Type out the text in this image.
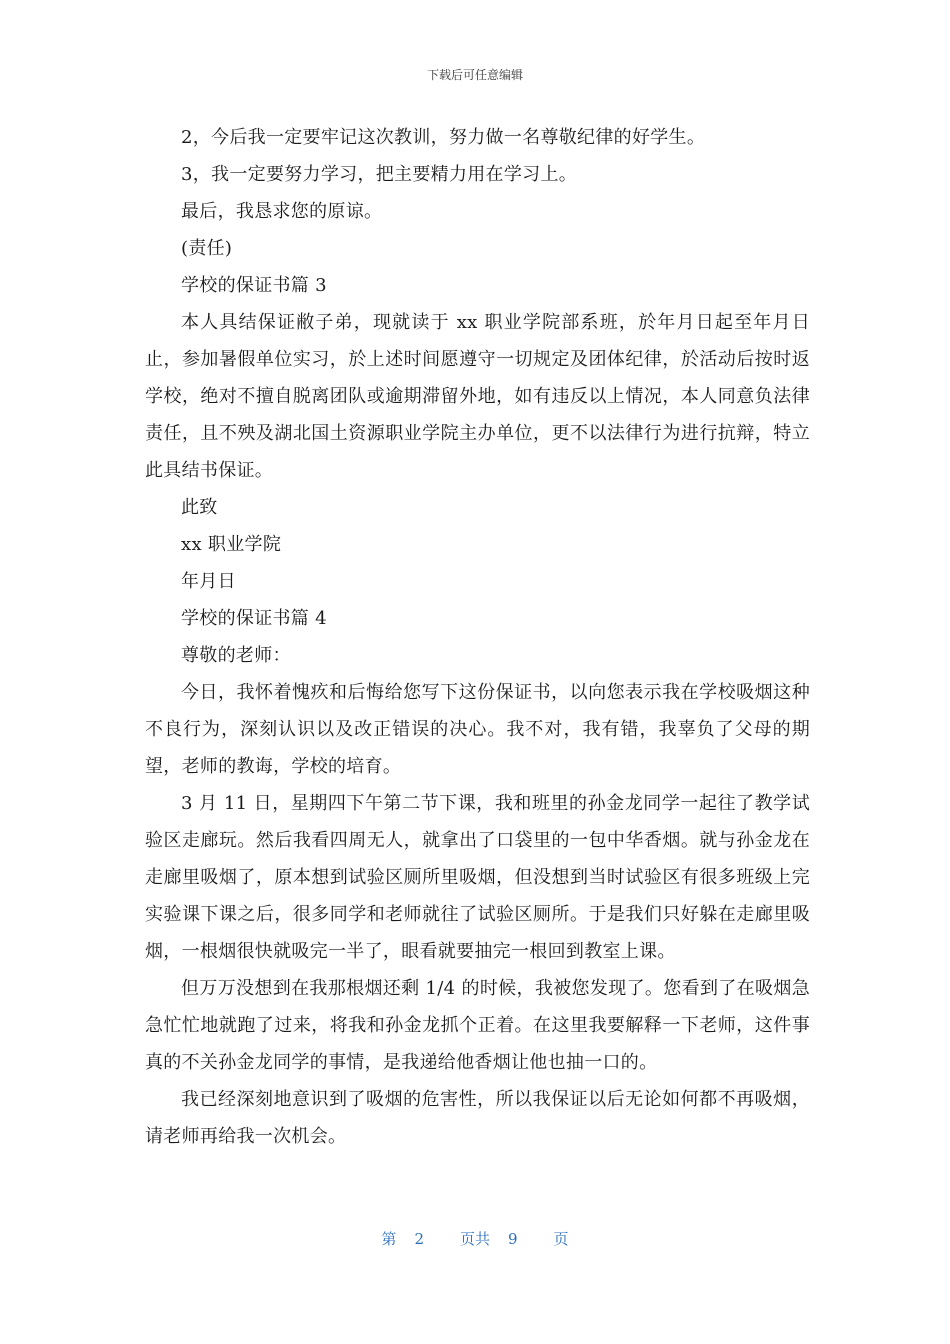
下载后可任意编辑

2，今后我一定要牢记这次教训，努力做一名尊敬纪律的好学生。

3，我一定要努力学习，把主要精力用在学习上。

最后，我恳求您的原谅。

(责任)

学校的保证书篇 3

本人具结保证敝子弟，现就读于 xx 职业学院部系班，於年月日起至年月日止，参加暑假单位实习，於上述时间愿遵守一切规定及团体纪律，於活动后按时返学校，绝对不擅自脱离团队或逾期滞留外地，如有违反以上情况，本人同意负法律责任，且不殃及湖北国土资源职业学院主办单位，更不以法律行为进行抗辩，特立此具结书保证。

此致

xx 职业学院

年月日

学校的保证书篇 4

尊敬的老师：

今日，我怀着愧疚和后悔给您写下这份保证书，以向您表示我在学校吸烟这种不良行为，深刻认识以及改正错误的决心。我不对，我有错，我辜负了父母的期望，老师的教诲，学校的培育。

3 月 11 日，星期四下午第二节下课，我和班里的孙金龙同学一起往了教学试验区走廊玩。然后我看四周无人，就拿出了口袋里的一包中华香烟。就与孙金龙在走廊里吸烟了，原本想到试验区厕所里吸烟，但没想到当时试验区有很多班级上完实验课下课之后，很多同学和老师就往了试验区厕所。于是我们只好躲在走廊里吸烟，一根烟很快就吸完一半了，眼看就要抽完一根回到教室上课。

但万万没想到在我那根烟还剩 1/4 的时候，我被您发现了。您看到了在吸烟急急忙忙地就跑了过来，将我和孙金龙抓个正着。在这里我要解释一下老师，这件事真的不关孙金龙同学的事情，是我递给他香烟让他也抽一口的。

我已经深刻地意识到了吸烟的危害性，所以我保证以后无论如何都不再吸烟，请老师再给我一次机会。

第 2 页共 9 页
